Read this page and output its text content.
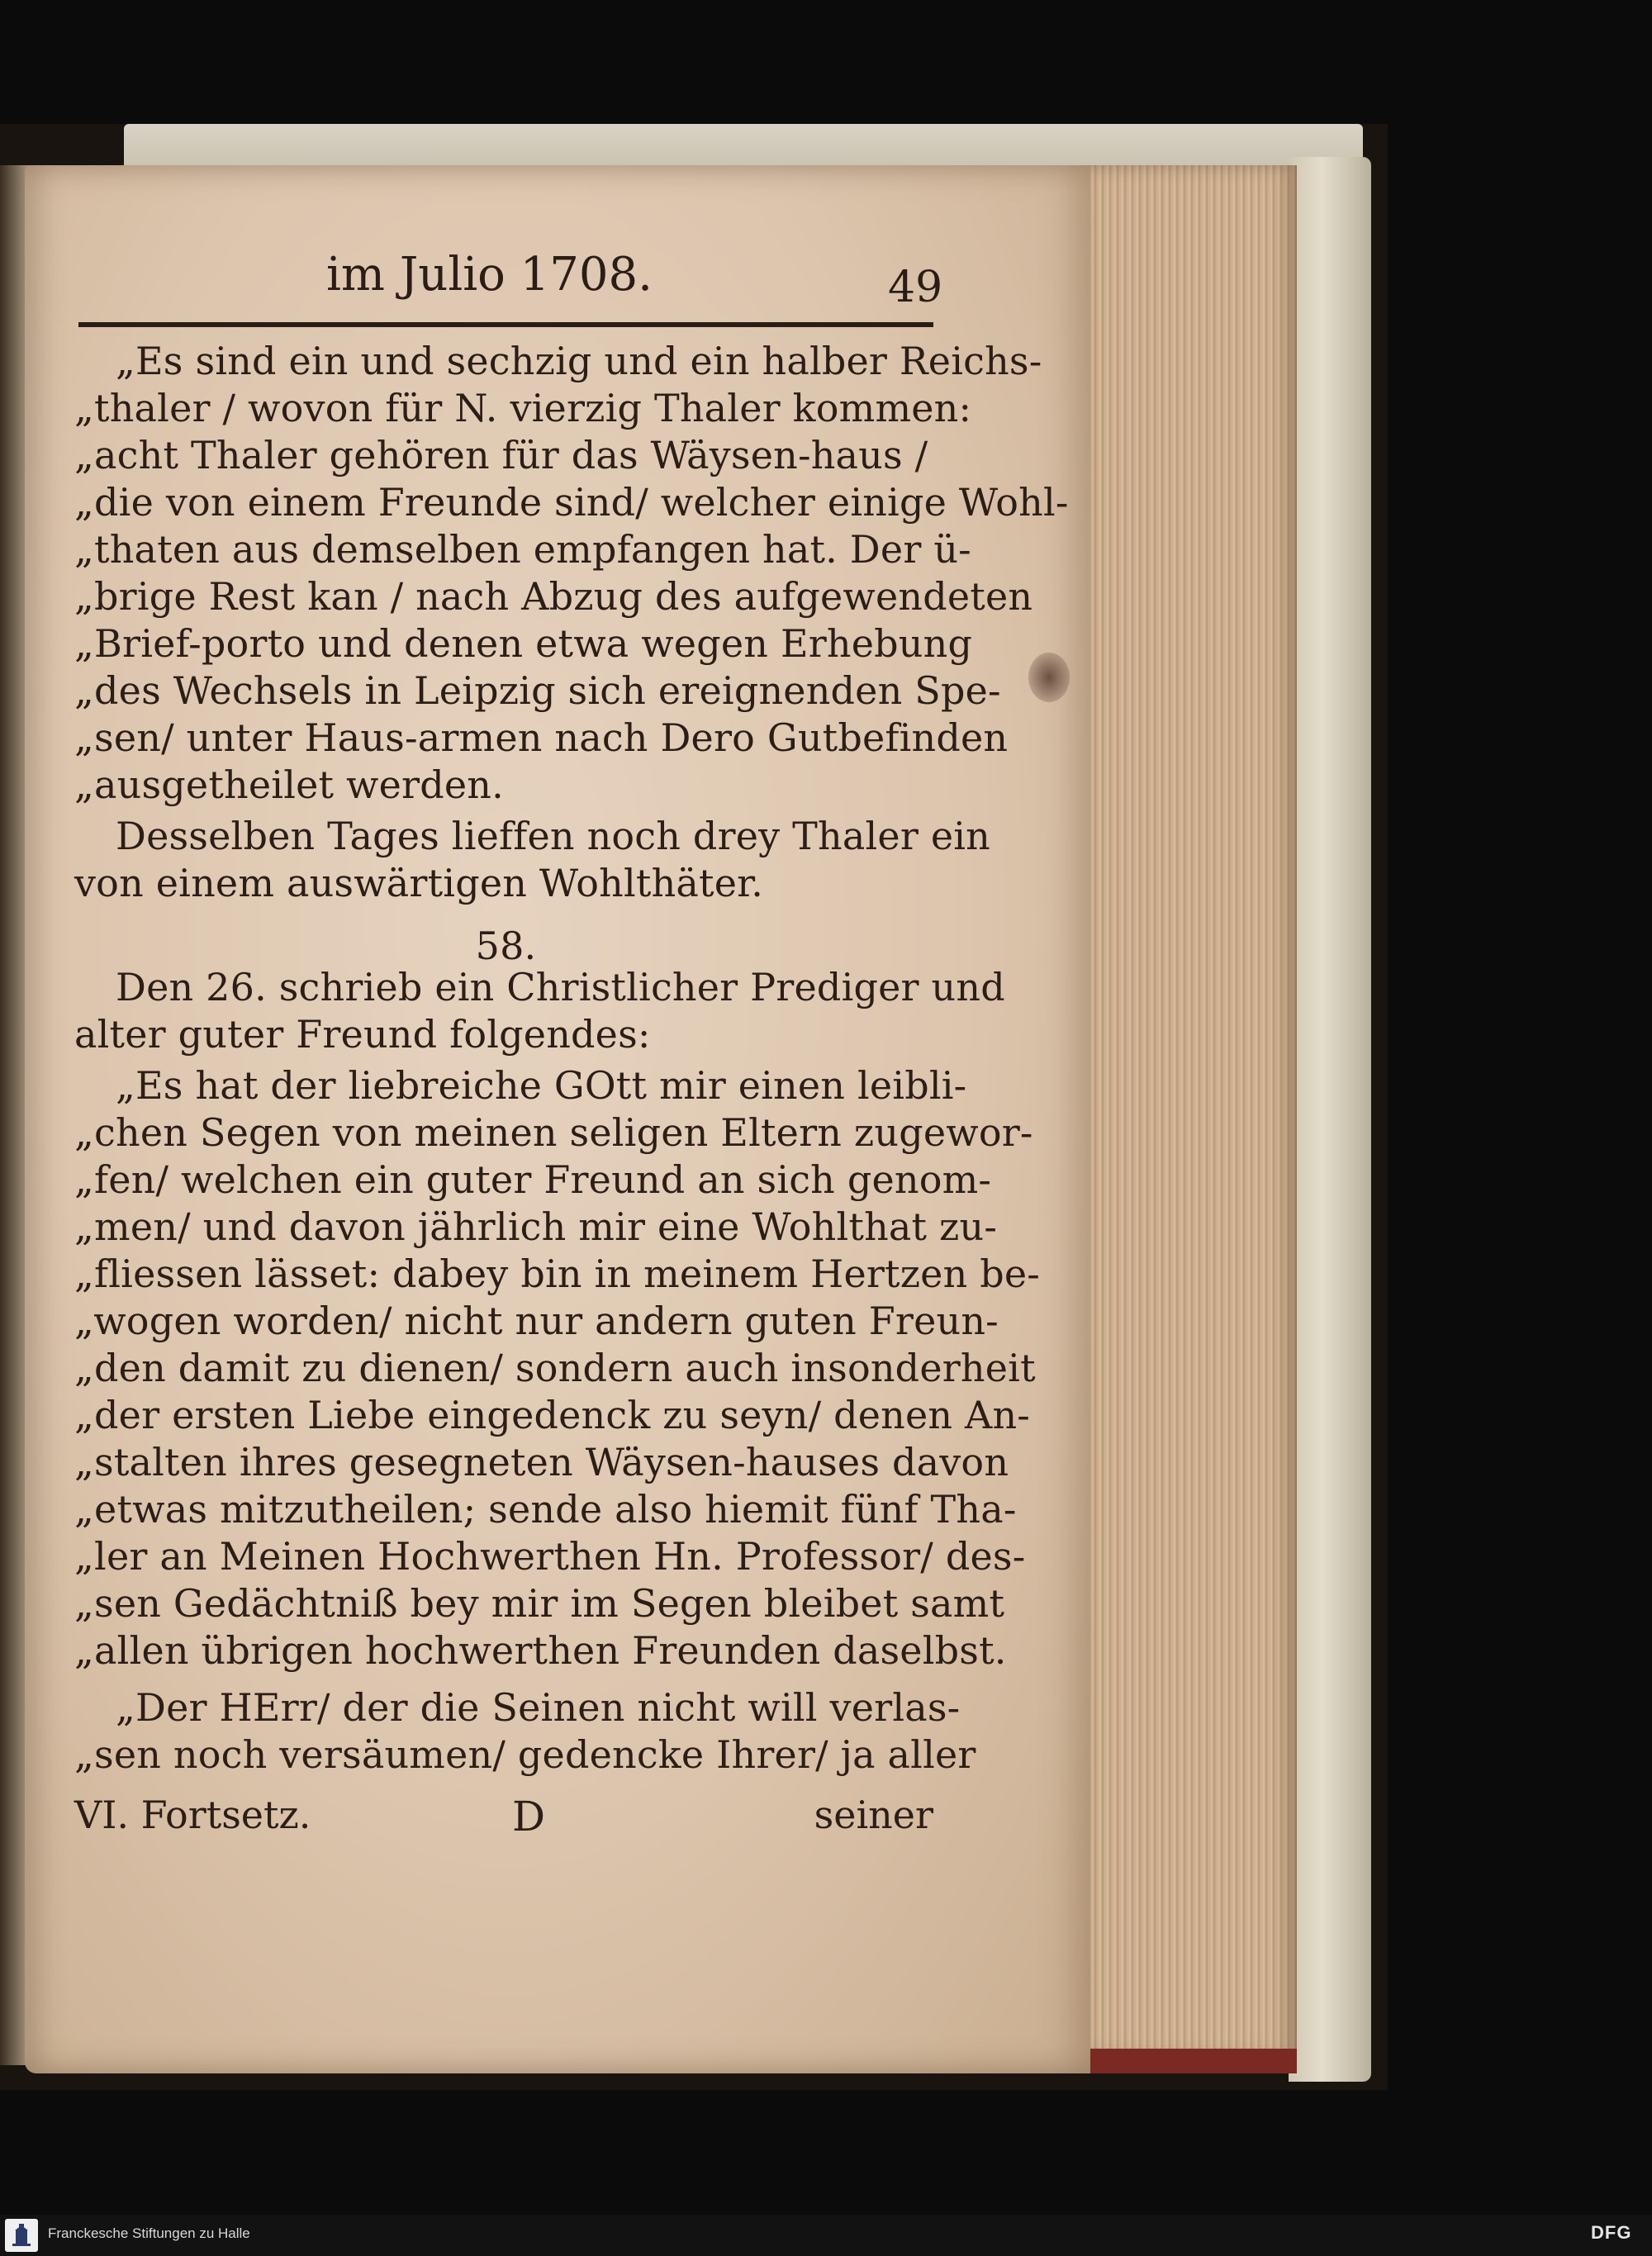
im Julio 1708.	49
„Es sind ein und sechzig und ein halber Reichs-
„thaler / wovon für N. vierzig Thaler kommen:
„acht Thaler gehören für das Wäysen-haus /
„die von einem Freunde sind/ welcher einige Wohl-
„thaten aus demselben empfangen hat. Der ü-
„brige Rest kan / nach Abzug des aufgewendeten
„Brief-porto und denen etwa wegen Erhebung
„des Wechsels in Leipzig sich ereignenden Spe-
„sen/ unter Haus-armen nach Dero Gutbefinden
„ausgetheilet werden.
Desselben Tages lieffen noch drey Thaler ein
von einem auswärtigen Wohlthäter.
58.
Den 26. schrieb ein Christlicher Prediger und
alter guter Freund folgendes:
„Es hat der liebreiche GOtt mir einen leibli-
„chen Segen von meinen seligen Eltern zugewor-
„fen/ welchen ein guter Freund an sich genom-
„men/ und davon jährlich mir eine Wohlthat zu-
„fliessen lässet: dabey bin in meinem Hertzen be-
„wogen worden/ nicht nur andern guten Freun-
„den damit zu dienen/ sondern auch insonderheit
„der ersten Liebe eingedenck zu seyn/ denen An-
„stalten ihres gesegneten Wäysen-hauses davon
„etwas mitzutheilen; sende also hiemit fünf Tha-
„ler an Meinen Hochwerthen Hn. Professor/ des-
„sen Gedächtniß bey mir im Segen bleibet samt
„allen übrigen hochwerthen Freunden daselbst.
„Der HErr/ der die Seinen nicht will verlas-
„sen noch versäumen/ gedencke Ihrer/ ja aller
VI. Fortsetz.	D	seiner
Franckesche Stiftungen zu Halle	DFG
